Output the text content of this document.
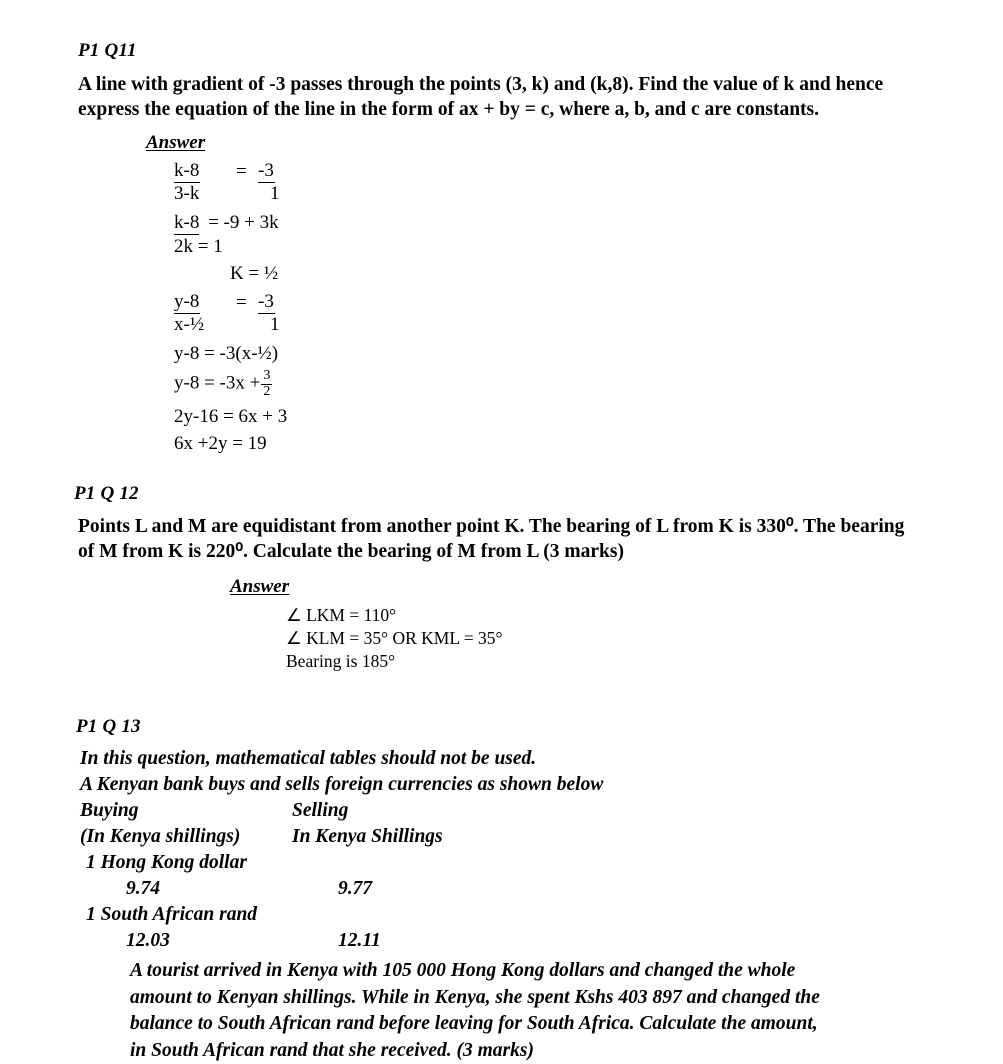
P1 Q11
A line with gradient of -3 passes through the points (3, k) and (k,8). Find the value of k and hence express the equation of the line in the form of ax + by = c, where a, b, and c are constants.
Answer
$\frac{k-8}{3-k} = \frac{-3}{1}$
k-8 = -9 + 3k
2k = 1
K = ½
$\frac{y-8}{\text{x-½}} = \frac{-3}{1}$
y-8 = -3(x-½)
$y-8 = -3x + \frac{3}{2}$
2y-16 = 6x + 3
6x +2y = 19
P1 Q 12
Points L and M are equidistant from another point K. The bearing of L from K is 330⁰. The bearing of M from K is 220⁰. Calculate the bearing of M from L (3 marks)
Answer
∠ LKM = 110°
∠ KLM = 35° OR KML = 35°
Bearing is 185°
P1 Q 13
In this question, mathematical tables should not be used.
A Kenyan bank buys and sells foreign currencies as shown below
Buying	Selling
(In Kenya shillings)	In Kenya Shillings
1 Hong Kong dollar
9.74	9.77
1 South African rand
12.03	12.11
A tourist arrived in Kenya with 105 000 Hong Kong dollars and changed the whole amount to Kenyan shillings. While in Kenya, she spent Kshs 403 897 and changed the balance to South African rand before leaving for South Africa. Calculate the amount, in South African rand that she received. (3 marks)
